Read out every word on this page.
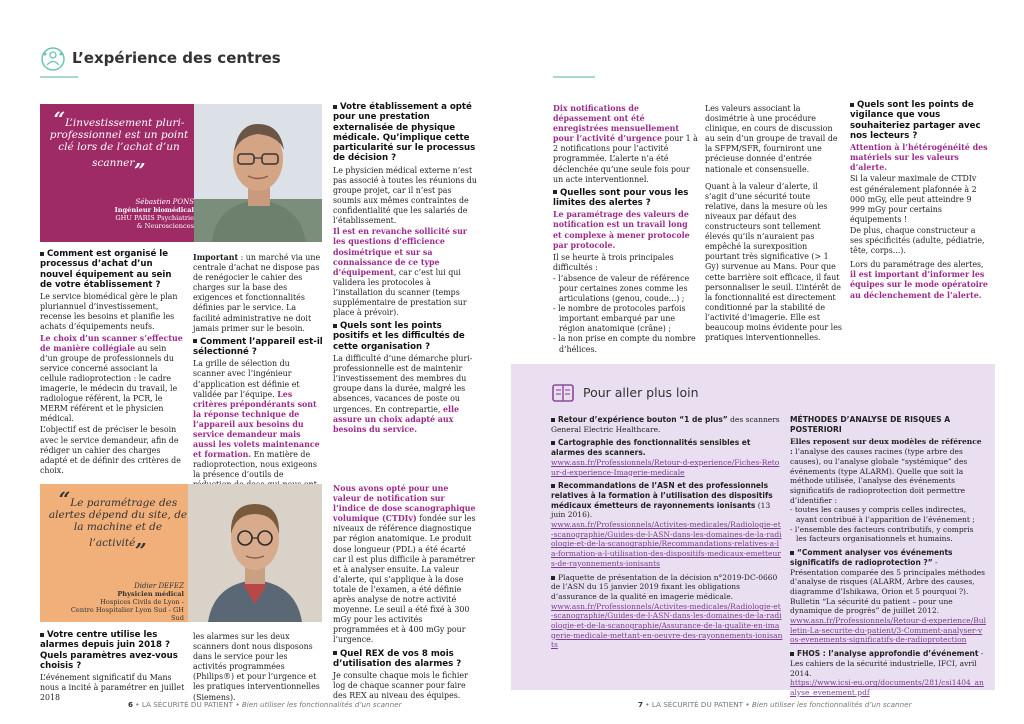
L’expérience des centres
“L’investissement pluri-professionnel est un point clé lors de l’achat d’un scanner„
Sébastien PONS
Ingénieur biomédical
GHU PARIS Psychiatrie
& Neurosciences
Comment est organisé le processus d’achat d’un nouvel équipement au sein de votre établissement ?

Le service biomédical gère le plan pluriannuel d’investissement, recense les besoins et planifie les achats d’équipements neufs.

Le choix d’un scanner s’effectue de manière collégiale au sein d’un groupe de professionnels du service concerné associant la cellule radioprotection : le cadre imagerie, le médecin du travail, le radiologue référent, la PCR, le MERM référent et le physicien médical.

L’objectif est de préciser le besoin avec le service demandeur, afin de rédiger un cahier des charges adapté et de définir des critères de choix.

Important : un marché via une centrale d’achat ne dispose pas de renégocier le cahier des charges sur la base des exigences et fonctionnalités définies par le service. La facilité administrative ne doit jamais primer sur le besoin.

Comment l’appareil est-il sélectionné ?

La grille de sélection du scanner avec l’ingénieur d’application est définie et validée par l’équipe. Les critères prépondérants sont la réponse technique de l’appareil aux besoins du service demandeur mais aussi les volets maintenance et formation. En matière de radioprotection, nous exigeons la présence d’outils de

Votre établissement a opté pour une prestation externalisée de physique médicale. Qu’implique cette particularité sur le processus de décision ?

Le physicien médical externe n’est pas associé à toutes les réunions du groupe projet, car il n’est pas soumis aux mêmes contraintes de confidentialité que les salariés de l’établissement.

Il est en revanche sollicité sur les questions d’efficience dosimétrique et sur sa connaissance de ce type d’équipement, car c’est lui qui validera les protocoles à l’installation du scanner (temps supplémentaire de prestation sur place à prévoir).

Quels sont les points positifs et les difficultés de cette organisation ?

La difficulté d’une démarche pluri-professionnelle est de maintenir l’investissement des membres du groupe dans la durée, malgré les absences, vacances de poste ou urgences. En contrepartie, elle assure un choix adapté aux besoins du service.

“Le paramétrage des alertes dépend du site, de la machine et de l’activité„
Didier DEFEZ
Physicien médical
Hospices Civils de Lyon -
Centre Hospitalier Lyon Sud - GH Sud
Votre centre utilise les alarmes depuis juin 2018 ? Quels paramètres avez-vous choisis ?

L’événement significatif du Mans nous a incité à paramétrer en juillet 2018

les alarmes sur les deux scanners dont nous disposons dans le service pour les activités programmées (Philips®) et pour l’urgence et les pratiques interventionnelles (Siemens).

Nous avons opté pour une valeur de notification sur l’indice de dose scanographique volumique (CTDIv) fondée sur les niveaux de référence diagnostique par région anatomique. Le produit dose longueur (PDL) a été écarté car il est plus difficile à paramétrer et à analyser ensuite. La valeur d’alerte, qui s’applique à la dose totale de l’examen, a été définie après analyse de notre activité moyenne. Le seuil a été fixé à 300 mGy pour les activités programmées et à 400 mGy pour l’urgence.

Quel REX de vos 8 mois d’utilisation des alarmes ?

Je consulte chaque mois le fichier log de chaque scanner pour faire des REX au niveau des équipes.

Dix notifications de dépassement ont été enregistrées mensuellement pour l’activité d’urgence pour 1 à 2 notifications pour l’activité programmée. L’alerte n’a été déclenchée qu’une seule fois pour un acte interventionnel.

Quelles sont pour vous les limites des alertes ?

Le paramétrage des valeurs de notification est un travail long et complexe à mener protocole par protocole.

Il se heurte à trois principales difficultés :

- l’absence de valeur de référence pour certaines zones comme les articulations (genou, coude...) ;
- le nombre de protocoles parfois important embarqué par une région anatomique (crâne) ;
- la non prise en compte du nombre d’hélices.

Les valeurs associant la dosimétrie à une procédure clinique, en cours de discussion au sein d’un groupe de travail de la SFPM/SFR, fourniront une précieuse donnée d’entrée nationale et consensuelle.

Quant à la valeur d’alerte, il s’agit d’une sécurité toute relative, dans la mesure où les niveaux par défaut des constructeurs sont tellement élevés qu’ils n’auraient pas empêché la surexposition pourtant très significative (> 1 Gy) survenue au Mans. Pour que cette barrière soit efficace, il faut personnaliser le seuil. L’intérêt de la fonctionnalité est directement conditionné par la stabilité de l’activité d’imagerie. Elle est beaucoup moins évidente pour les pratiques interventionnelles.

Quels sont les points de vigilance que vous souhaiteriez partager avec nos lecteurs ?

Attention à l’hétérogénéité des matériels sur les valeurs d’alerte.

Si la valeur maximale de CTDIv est généralement plafonnée à 2 000 mGy, elle peut atteindre 9 999 mGy pour certains équipements !

De plus, chaque constructeur a ses spécificités (adulte, pédiatrie, tête, corps...).

Lors du paramétrage des alertes, il est important d’informer les équipes sur le mode opératoire au déclenchement de l’alerte.

Pour aller plus loin
Retour d’expérience bouton “1 de plus” des scanners General Electric Healthcare.
Cartographie des fonctionnalités sensibles et alarmes des scanners.
www.asn.fr/Professionnels/Retour-d-experience/Fiches-Retour-d-experience-Imagerie-medicale
Recommandations de l’ASN et des professionnels relatives à la formation à l’utilisation des dispositifs médicaux émetteurs de rayonnements ionisants (13 juin 2016).
www.asn.fr/Professionnels/Activites-medicales/Radiologie-et-scanographie/Guides-de-l-ASN-dans-les-domaines-de-la-radiologie-et-de-la-scanographie/Recommandations-relatives-a-la-formation-a-l-utilisation-des-dispositifs-medicaux-emetteurs-de-rayonnements-ionisants
Plaquette de présentation de la décision n°2019-DC-0660 de l’ASN du 15 janvier 2019 fixant les obligations d’assurance de la qualité en imagerie médicale.
www.asn.fr/Professionnels/Activites-medicales/Radiologie-et-scanographie/Guides-de-l-ASN-dans-les-domaines-de-la-radiologie-et-de-la-scanographie/Assurance-de-la-qualite-en-imagerie-medicale-mettant-en-oeuvre-des-rayonnements-ionisants
MÉTHODES D’ANALYSE DE RISQUES A POSTERIORI

Elles reposent sur deux modèles de référence : l’analyse des causes racines (type arbre des causes), ou l’analyse globale “systémique” des événements (type ALARM). Quelle que soit la méthode utilisée, l’analyse des événements significatifs de radioprotection doit permettre d’identifier :

- toutes les causes y compris celles indirectes, ayant contribué à l’apparition de l’événement ;
- l’ensemble des facteurs contributifs, y compris les facteurs organisationnels et humains.
“Comment analyser vos événements significatifs de radioprotection ?” - Présentation comparée des 5 principales méthodes d’analyse de risques (ALARM, Arbre des causes, diagramme d’Ishikawa, Orion et 5 pourquoi ?). Bulletin “La sécurité du patient – pour une dynamique de progrès” de juillet 2012.
www.asn.fr/Professionnels/Retour-d-experience/Bulletin-La-securite-du-patient/3-Comment-analyser-vos-evenements-significatifs-de-radioprotection
FHOS : l’analyse approfondie d’événement - Les cahiers de la sécurité industrielle, IFCI, avril 2014.
https://www.icsi-eu.org/documents/281/csi1404_analyse_evenement.pdf
6 • LA SÉCURITÉ DU PATIENT • Bien utiliser les fonctionnalités d’un scanner	7 • LA SÉCURITÉ DU PATIENT • Bien utiliser les fonctionnalités d’un scanner
